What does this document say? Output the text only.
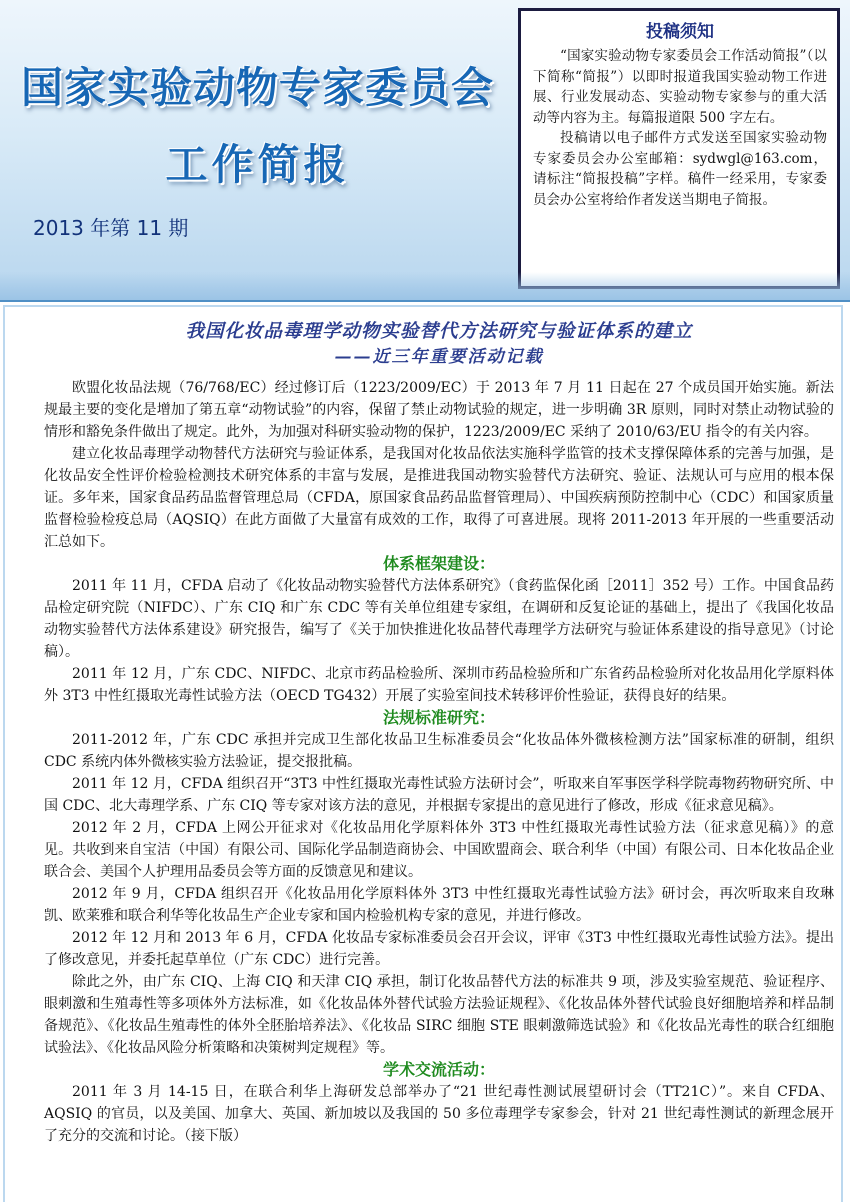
国家实验动物专家委员会
工作简报
2013 年第 11 期
投稿须知

“国家实验动物专家委员会工作活动简报”（以下简称“简报”）以即时报道我国实验动物工作进展、行业发展动态、实验动物专家参与的重大活动等内容为主。每篇报道限 500 字左右。

投稿请以电子邮件方式发送至国家实验动物专家委员会办公室邮箱：sydwgl@163.com，请标注“简报投稿”字样。稿件一经采用，专家委员会办公室将给作者发送当期电子简报。

我国化妆品毒理学动物实验替代方法研究与验证体系的建立
——近三年重要活动记载

欧盟化妆品法规（76/768/EC）经过修订后（1223/2009/EC）于 2013 年 7 月 11 日起在 27 个成员国开始实施。新法规最主要的变化是增加了第五章“动物试验”的内容，保留了禁止动物试验的规定，进一步明确 3R 原则，同时对禁止动物试验的情形和豁免条件做出了规定。此外，为加强对科研实验动物的保护，1223/2009/EC 采纳了 2010/63/EU 指令的有关内容。

建立化妆品毒理学动物替代方法研究与验证体系，是我国对化妆品依法实施科学监管的技术支撑保障体系的完善与加强，是化妆品安全性评价检验检测技术研究体系的丰富与发展，是推进我国动物实验替代方法研究、验证、法规认可与应用的根本保证。多年来，国家食品药品监督管理总局（CFDA，原国家食品药品监督管理局）、中国疾病预防控制中心（CDC）和国家质量监督检验检疫总局（AQSIQ）在此方面做了大量富有成效的工作，取得了可喜进展。现将 2011-2013 年开展的一些重要活动汇总如下。

体系框架建设：

2011 年 11 月，CFDA 启动了《化妆品动物实验替代方法体系研究》（食药监保化函［2011］352 号）工作。中国食品药品检定研究院（NIFDC）、广东 CIQ 和广东 CDC 等有关单位组建专家组，在调研和反复论证的基础上，提出了《我国化妆品动物实验替代方法体系建设》研究报告，编写了《关于加快推进化妆品替代毒理学方法研究与验证体系建设的指导意见》（讨论稿）。

2011 年 12 月，广东 CDC、NIFDC、北京市药品检验所、深圳市药品检验所和广东省药品检验所对化妆品用化学原料体外 3T3 中性红摄取光毒性试验方法（OECD TG432）开展了实验室间技术转移评价性验证，获得良好的结果。

法规标准研究：

2011-2012 年，广东 CDC 承担并完成卫生部化妆品卫生标准委员会“化妆品体外微核检测方法”国家标准的研制，组织 CDC 系统内体外微核实验方法验证，提交报批稿。

2011 年 12 月，CFDA 组织召开“3T3 中性红摄取光毒性试验方法研讨会”，听取来自军事医学科学院毒物药物研究所、中国 CDC、北大毒理学系、广东 CIQ 等专家对该方法的意见，并根据专家提出的意见进行了修改，形成《征求意见稿》。

2012 年 2 月，CFDA 上网公开征求对《化妆品用化学原料体外 3T3 中性红摄取光毒性试验方法（征求意见稿）》的意见。共收到来自宝洁（中国）有限公司、国际化学品制造商协会、中国欧盟商会、联合利华（中国）有限公司、日本化妆品企业联合会、美国个人护理用品委员会等方面的反馈意见和建议。

2012 年 9 月，CFDA 组织召开《化妆品用化学原料体外 3T3 中性红摄取光毒性试验方法》研讨会，再次听取来自玫琳凯、欧莱雅和联合利华等化妆品生产企业专家和国内检验机构专家的意见，并进行修改。

2012 年 12 月和 2013 年 6 月，CFDA 化妆品专家标准委员会召开会议，评审《3T3 中性红摄取光毒性试验方法》。提出了修改意见，并委托起草单位（广东 CDC）进行完善。

除此之外，由广东 CIQ、上海 CIQ 和天津 CIQ 承担，制订化妆品替代方法的标准共 9 项，涉及实验室规范、验证程序、眼刺激和生殖毒性等多项体外方法标准，如《化妆品体外替代试验方法验证规程》、《化妆品体外替代试验良好细胞培养和样品制备规范》、《化妆品生殖毒性的体外全胚胎培养法》、《化妆品 SIRC 细胞 STE 眼刺激筛选试验》和《化妆品光毒性的联合红细胞试验法》、《化妆品风险分析策略和决策树判定规程》等。

学术交流活动：

2011 年 3 月 14-15 日，在联合利华上海研发总部举办了“21 世纪毒性测试展望研讨会（TT21C）”。来自 CFDA、AQSIQ 的官员，以及美国、加拿大、英国、新加坡以及我国的 50 多位毒理学专家参会，针对 21 世纪毒性测试的新理念展开了充分的交流和讨论。（接下版）
